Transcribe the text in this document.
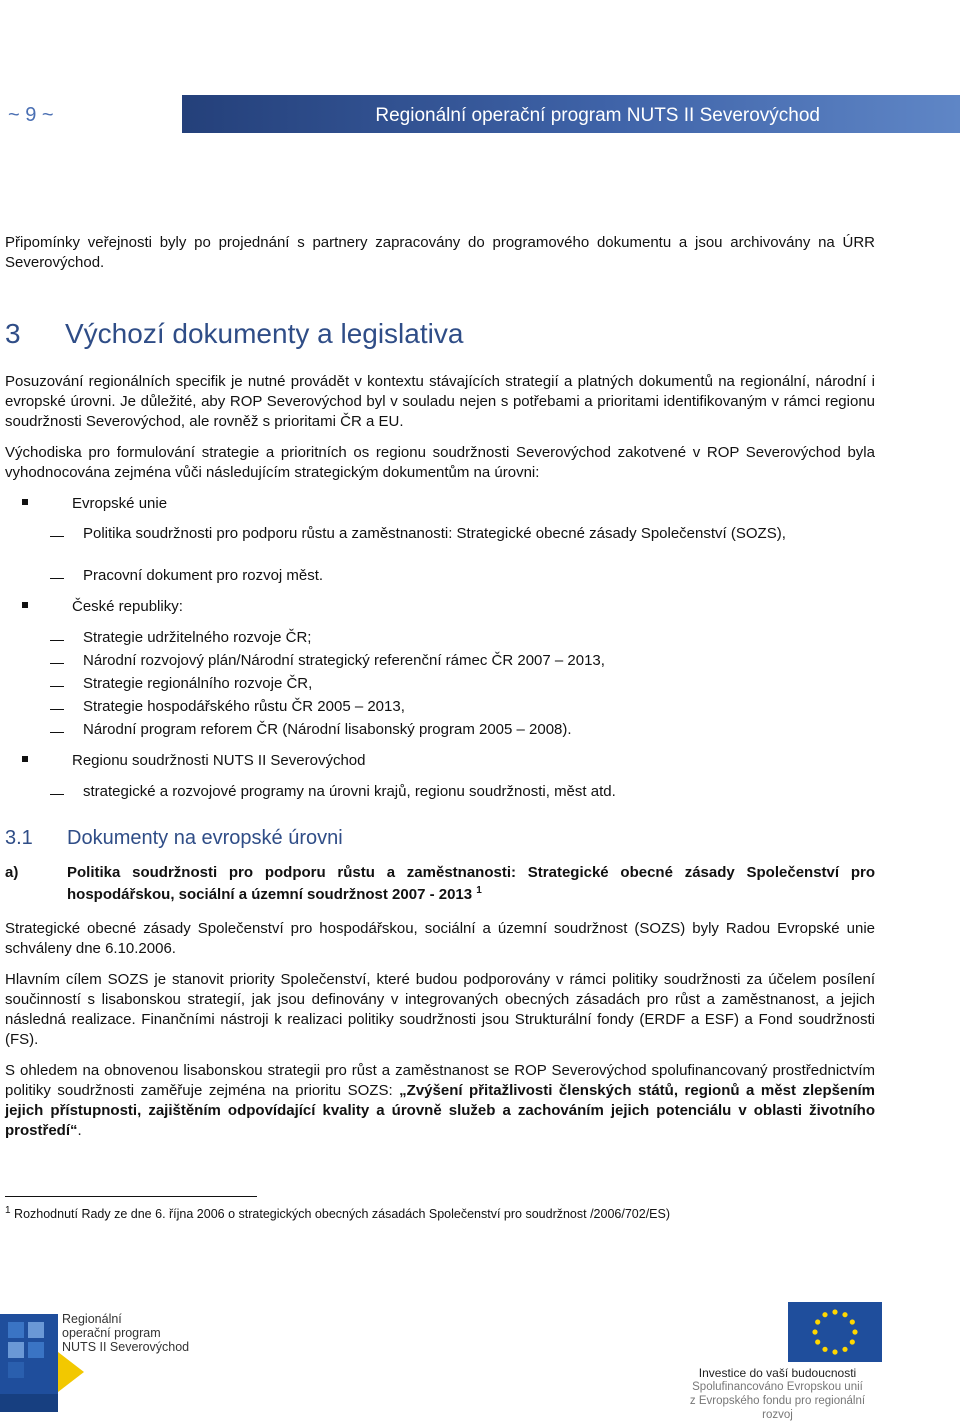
~ 9 ~	Regionální operační program NUTS II Severovýchod

Připomínky veřejnosti byly po projednání s partnery zapracovány do programového dokumentu a jsou archivovány na ÚRR Severovýchod.

3 Výchozí dokumenty a legislativa

Posuzování regionálních specifik je nutné provádět v kontextu stávajících strategií a platných dokumentů na regionální, národní i evropské úrovni. Je důležité, aby ROP Severovýchod byl v souladu nejen s potřebami a prioritami identifikovaným v rámci regionu soudržnosti Severovýchod, ale rovněž s prioritami ČR a EU.

Východiska pro formulování strategie a prioritních os regionu soudržnosti Severovýchod zakotvené v ROP Severovýchod byla vyhodnocována zejména vůči následujícím strategickým dokumentům na úrovni:

Evropské unie
Politika soudržnosti pro podporu růstu a zaměstnanosti: Strategické obecné zásady Společenství (SOZS),
Pracovní dokument pro rozvoj měst.
České republiky:
Strategie udržitelného rozvoje ČR;
Národní rozvojový plán/Národní strategický referenční rámec ČR 2007 – 2013,
Strategie regionálního rozvoje ČR,
Strategie hospodářského růstu ČR 2005 – 2013,
Národní program reforem ČR (Národní lisabonský program 2005 – 2008).
Regionu soudržnosti NUTS II Severovýchod
strategické a rozvojové programy na úrovni krajů, regionu soudržnosti, měst atd.
3.1 Dokumenty na evropské úrovni
a)	Politika soudržnosti pro podporu růstu a zaměstnanosti: Strategické obecné zásady Společenství pro hospodářskou, sociální a územní soudržnost 2007 - 2013 $^1$

Strategické obecné zásady Společenství pro hospodářskou, sociální a územní soudržnost (SOZS) byly Radou Evropské unie schváleny dne 6.10.2006.

Hlavním cílem SOZS je stanovit priority Společenství, které budou podporovány v rámci politiky soudržnosti za účelem posílení součinností s lisabonskou strategií, jak jsou definovány v integrovaných obecných zásadách pro růst a zaměstnanost, a jejich následná realizace. Finančními nástroji k realizaci politiky soudržnosti jsou Strukturální fondy (ERDF a ESF) a Fond soudržnosti (FS).

S ohledem na obnovenou lisabonskou strategii pro růst a zaměstnanost se ROP Severovýchod spolufinancovaný prostřednictvím politiky soudržnosti zaměřuje zejména na prioritu SOZS: „Zvýšení přitažlivosti členských států, regionů a měst zlepšením jejich přístupnosti, zajištěním odpovídající kvality a úrovně služeb a zachováním jejich potenciálu v oblasti životního prostředí“.

$^1$ Rozhodnutí Rady ze dne 6. října 2006 o strategických obecných zásadách Společenství pro soudržnost /2006/702/ES)
Regionální
operační program
NUTS II Severovýchod
Investice do vaší budoucnosti
Spolufinancováno Evropskou unií
z Evropského fondu pro regionální rozvoj
